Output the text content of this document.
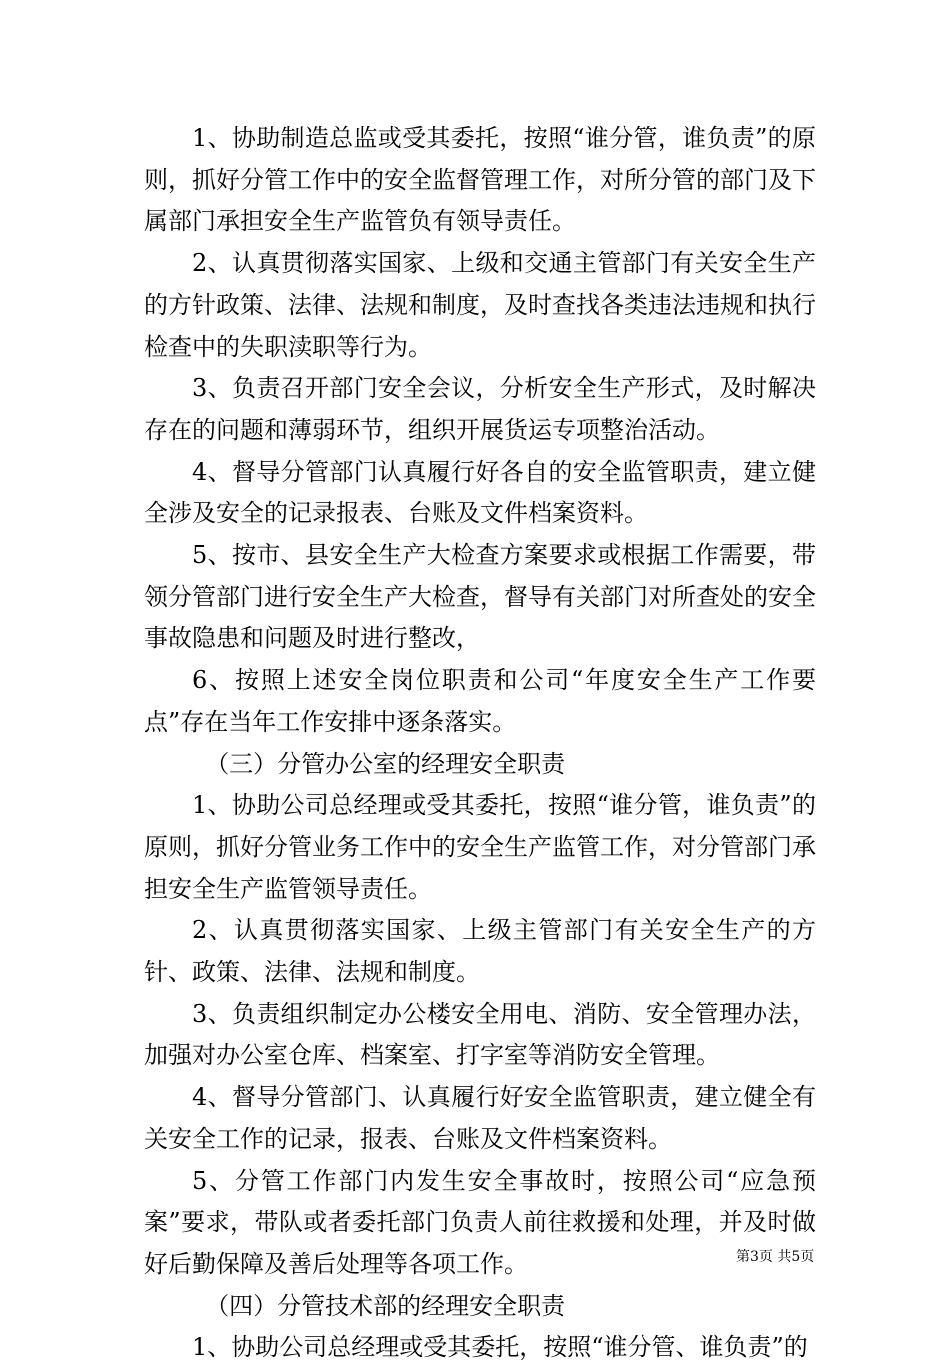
1、协助制造总监或受其委托，按照“谁分管，谁负责”的原则，抓好分管工作中的安全监督管理工作，对所分管的部门及下属部门承担安全生产监管负有领导责任。

2、认真贯彻落实国家、上级和交通主管部门有关安全生产的方针政策、法律、法规和制度，及时查找各类违法违规和执行检查中的失职渎职等行为。

3、负责召开部门安全会议，分析安全生产形式，及时解决存在的问题和薄弱环节，组织开展货运专项整治活动。

4、督导分管部门认真履行好各自的安全监管职责，建立健全涉及安全的记录报表、台账及文件档案资料。

5、按市、县安全生产大检查方案要求或根据工作需要，带领分管部门进行安全生产大检查，督导有关部门对所查处的安全事故隐患和问题及时进行整改，

6、按照上述安全岗位职责和公司“年度安全生产工作要点”存在当年工作安排中逐条落实。

（三）分管办公室的经理安全职责

1、协助公司总经理或受其委托，按照“谁分管，谁负责”的原则，抓好分管业务工作中的安全生产监管工作，对分管部门承担安全生产监管领导责任。

2、认真贯彻落实国家、上级主管部门有关安全生产的方针、政策、法律、法规和制度。

3、负责组织制定办公楼安全用电、消防、安全管理办法，加强对办公室仓库、档案室、打字室等消防安全管理。

4、督导分管部门、认真履行好安全监管职责，建立健全有关安全工作的记录，报表、台账及文件档案资料。

5、分管工作部门内发生安全事故时，按照公司“应急预案”要求，带队或者委托部门负责人前往救援和处理，并及时做好后勤保障及善后处理等各项工作。

（四）分管技术部的经理安全职责

1、协助公司总经理或受其委托，按照“谁分管、谁负责”的

第3页 共5页
